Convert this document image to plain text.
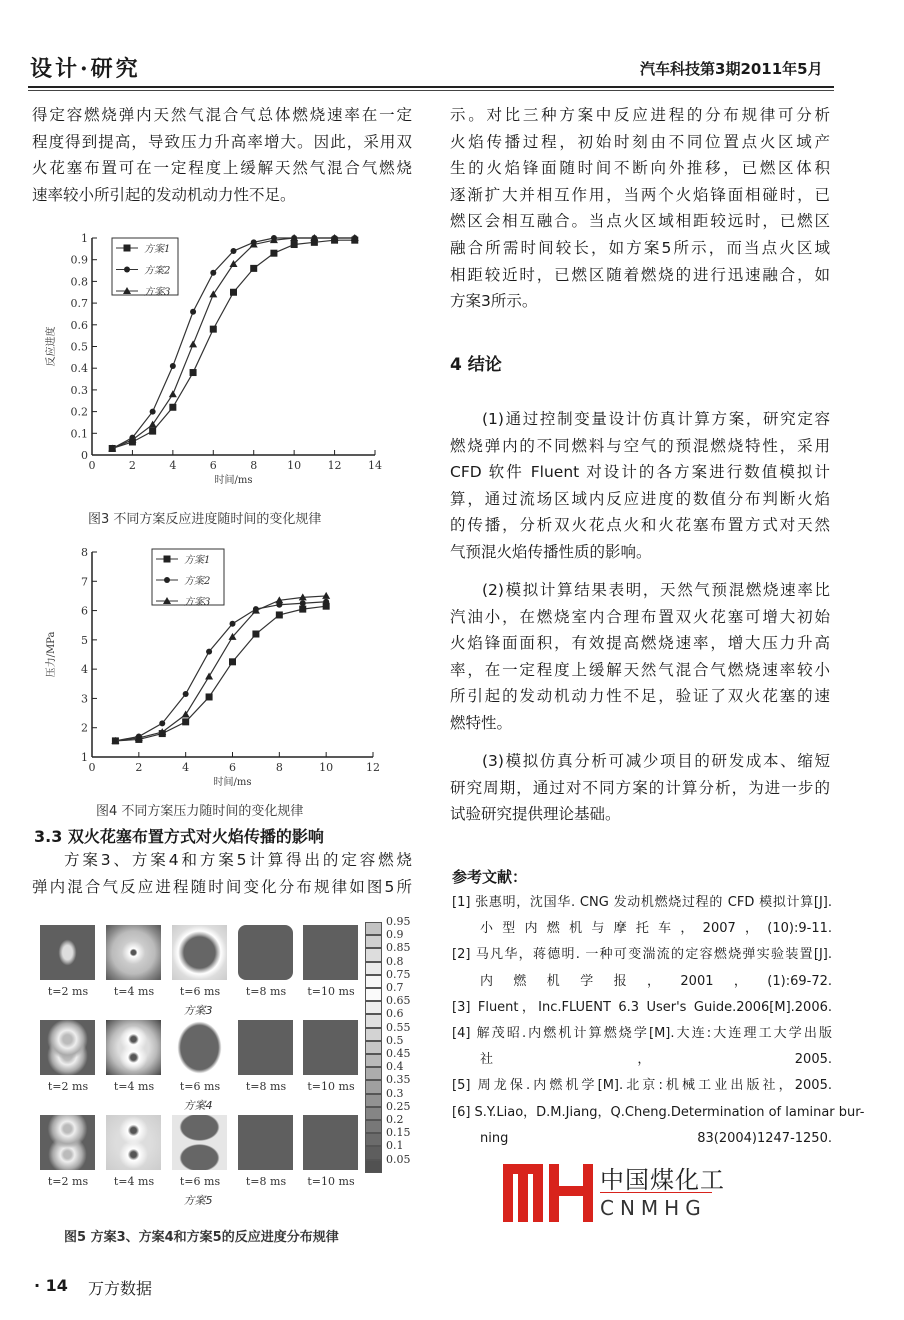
设计·研究	汽车科技第3期2011年5月
得定容燃烧弹内天然气混合气总体燃烧速率在一定
程度得到提高，导致压力升高率增大。因此，采用双
火花塞布置可在一定程度上缓解天然气混合气燃烧
速率较小所引起的发动机动力性不足。
0	2	4	6	8	10 12 14
0
0.1
0.2
0.3
0.4
0.5
0.6
0.7
0.8
0.9
1
时间/ms
反应进度
方案1
方案2
方案3
图3 不同方案反应进度随时间的变化规律
0	2	4	6	8	10	12
1
2
3
4
5
6
7
8
时间/ms
压力/MPa
方案1
方案2
方案3
图4 不同方案压力随时间的变化规律
3.3 双火花塞布置方式对火焰传播的影响
方案3、方案4和方案5计算得出的定容燃烧
弹内混合气反应进程随时间变化分布规律如图5所
t=2 ms	t=4 ms	t=6 ms	t=8 ms	t=10 ms
方案3
t=2 ms	t=4 ms	t=6 ms	t=8 ms	t=10 ms
方案4
t=2 ms	t=4 ms	t=6 ms	t=8 ms	t=10 ms
方案5
0.95
0.9
0.85
0.8
0.75
0.7
0.65
0.6
0.55
0.5
0.45
0.4
0.35
0.3
0.25
0.2
0.15
0.1
0.05
图5 方案3、方案4和方案5的反应进度分布规律
示。对比三种方案中反应进程的分布规律可分析
火焰传播过程，初始时刻由不同位置点火区域产
生的火焰锋面随时间不断向外推移，已燃区体积
逐渐扩大并相互作用，当两个火焰锋面相碰时，已
燃区会相互融合。当点火区域相距较远时，已燃区
融合所需时间较长，如方案5所示，而当点火区域
相距较近时，已燃区随着燃烧的进行迅速融合，如
方案3所示。
4 结论
(1)通过控制变量设计仿真计算方案，研究定容
燃烧弹内的不同燃料与空气的预混燃烧特性，采用
CFD 软件 Fluent 对设计的各方案进行数值模拟计
算，通过流场区域内反应进度的数值分布判断火焰
的传播，分析双火花点火和火花塞布置方式对天然
气预混火焰传播性质的影响。
(2)模拟计算结果表明，天然气预混燃烧速率比
汽油小，在燃烧室内合理布置双火花塞可增大初始
火焰锋面面积，有效提高燃烧速率，增大压力升高
率，在一定程度上缓解天然气混合气燃烧速率较小
所引起的发动机动力性不足，验证了双火花塞的速
燃特性。
(3)模拟仿真分析可减少项目的研发成本、缩短
研究周期，通过对不同方案的计算分析，为进一步的
试验研究提供理论基础。
参考文献：
[1] 张惠明，沈国华. CNG 发动机燃烧过程的 CFD 模拟计算[J].
小型内燃机与摩托车，2007，(10):9-11.
[2] 马凡华，蒋德明. 一种可变湍流的定容燃烧弹实验装置[J].
内燃机学报，2001，(1):69-72.
[3] Fluent，Inc.FLUENT 6.3 User's Guide.2006[M].2006.
[4] 解茂昭.内燃机计算燃烧学[M].大连:大连理工大学出版
社，2005.
[5] 周龙保.内燃机学[M].北京:机械工业出版社，2005.
[6] S.Y.Liao，D.M.Jiang，Q.Cheng.Determination of laminar bur-
ning 83(2004)1247-1250.
中国煤化工
CNMHG
· 14 万方数据
